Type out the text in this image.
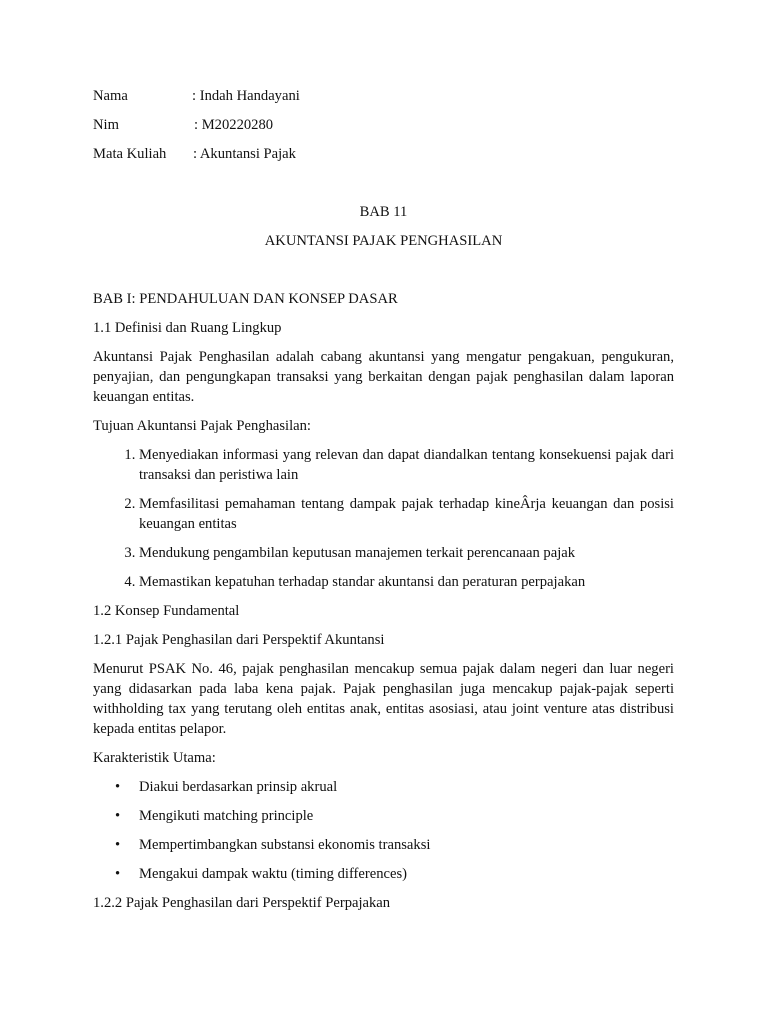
Nama	: Indah Handayani
Nim	: M20220280
Mata Kuliah	: Akuntansi Pajak
BAB 11
AKUNTANSI PAJAK PENGHASILAN
BAB I: PENDAHULUAN DAN KONSEP DASAR
1.1 Definisi dan Ruang Lingkup

Akuntansi Pajak Penghasilan adalah cabang akuntansi yang mengatur pengakuan, pengukuran, penyajian, dan pengungkapan transaksi yang berkaitan dengan pajak penghasilan dalam laporan keuangan entitas.

Tujuan Akuntansi Pajak Penghasilan:
1. Menyediakan informasi yang relevan dan dapat diandalkan tentang konsekuensi pajak dari transaksi dan peristiwa lain
2. Memfasilitasi pemahaman tentang dampak pajak terhadap kineÂrja keuangan dan posisi keuangan entitas
3. Mendukung pengambilan keputusan manajemen terkait perencanaan pajak
4. Memastikan kepatuhan terhadap standar akuntansi dan peraturan perpajakan
1.2 Konsep Fundamental
1.2.1 Pajak Penghasilan dari Perspektif Akuntansi

Menurut PSAK No. 46, pajak penghasilan mencakup semua pajak dalam negeri dan luar negeri yang didasarkan pada laba kena pajak. Pajak penghasilan juga mencakup pajak-pajak seperti withholding tax yang terutang oleh entitas anak, entitas asosiasi, atau joint venture atas distribusi kepada entitas pelapor.

Karakteristik Utama:
• Diakui berdasarkan prinsip akrual
• Mengikuti matching principle
• Mempertimbangkan substansi ekonomis transaksi
• Mengakui dampak waktu (timing differences)
1.2.2 Pajak Penghasilan dari Perspektif Perpajakan
